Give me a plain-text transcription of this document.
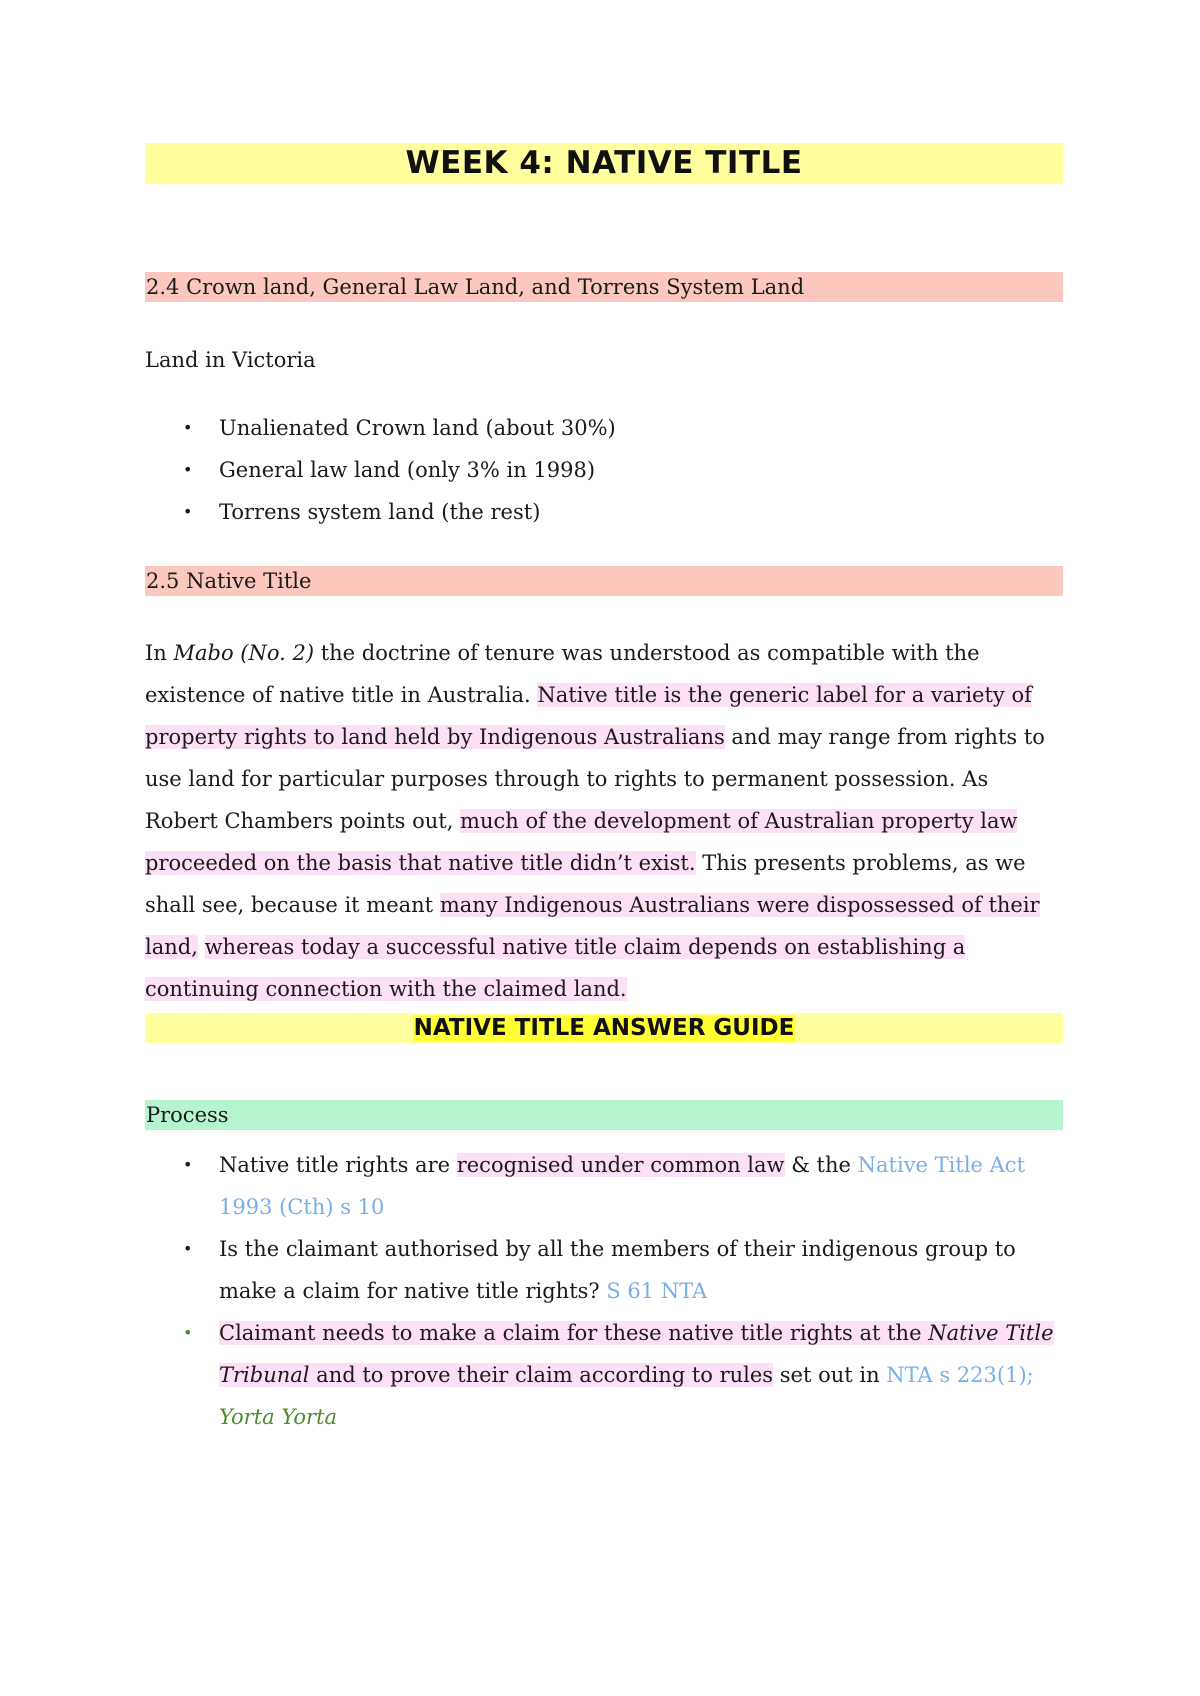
WEEK 4: NATIVE TITLE
2.4 Crown land, General Law Land, and Torrens System Land
Land in Victoria
• Unalienated Crown land (about 30%)
• General law land (only 3% in 1998)
• Torrens system land (the rest)
2.5 Native Title

In Mabo (No. 2) the doctrine of tenure was understood as compatible with the existence of native title in Australia. Native title is the generic label for a variety of property rights to land held by Indigenous Australians and may range from rights to use land for particular purposes through to rights to permanent possession. As Robert Chambers points out, much of the development of Australian property law proceeded on the basis that native title didn’t exist. This presents problems, as we shall see, because it meant many Indigenous Australians were dispossessed of their land, whereas today a successful native title claim depends on establishing a continuing connection with the claimed land.

NATIVE TITLE ANSWER GUIDE
Process
• Native title rights are recognised under common law & the Native Title Act 1993 (Cth) s 10
• Is the claimant authorised by all the members of their indigenous group to make a claim for native title rights? S 61 NTA
• Claimant needs to make a claim for these native title rights at the Native Title Tribunal and to prove their claim according to rules set out in NTA s 223(1); Yorta Yorta
